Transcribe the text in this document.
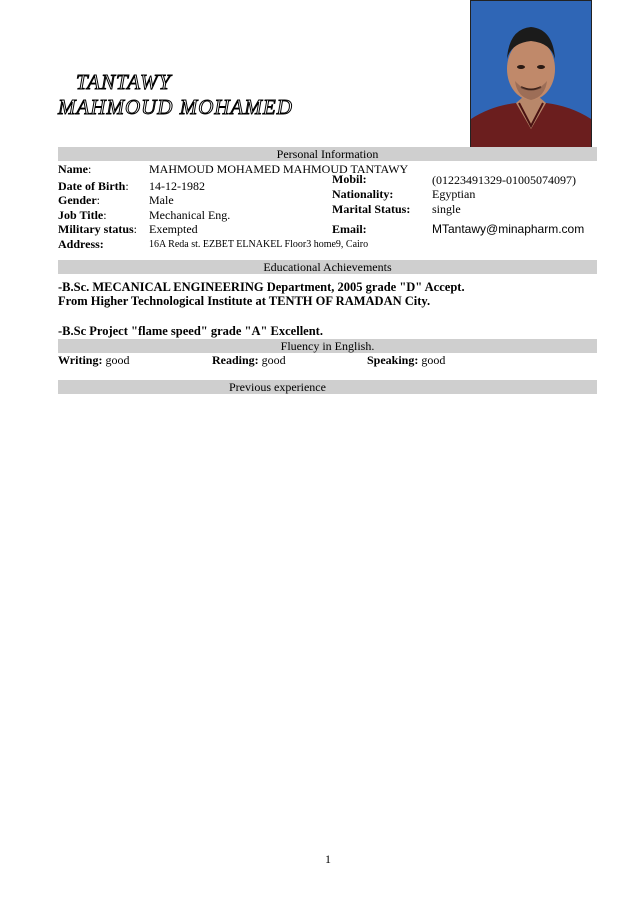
TANTAWY
MAHMOUD MOHAMED
Personal Information
Name:	MAHMOUD MOHAMED MAHMOUD TANTAWY
Date of Birth: 14-12-1982
Gender:	Male
Job Title:	Mechanical Eng.
Military status: Exempted
Address:	16A Reda st. EZBET ELNAKEL Floor3 home9, Cairo
Mobil:	(01223491329-01005074097)
Nationality:	Egyptian
Marital Status: single
Email:	MTantawy@minapharm.com
Educational Achievements
-B.Sc. MECANICAL ENGINEERING Department, 2005 grade "D" Accept.
From Higher Technological Institute at TENTH OF RAMADAN City.
-B.Sc Project "flame speed" grade "A" Excellent.
Fluency in English.
Writing: good	Reading: good	Speaking: good
Previous experience
1
